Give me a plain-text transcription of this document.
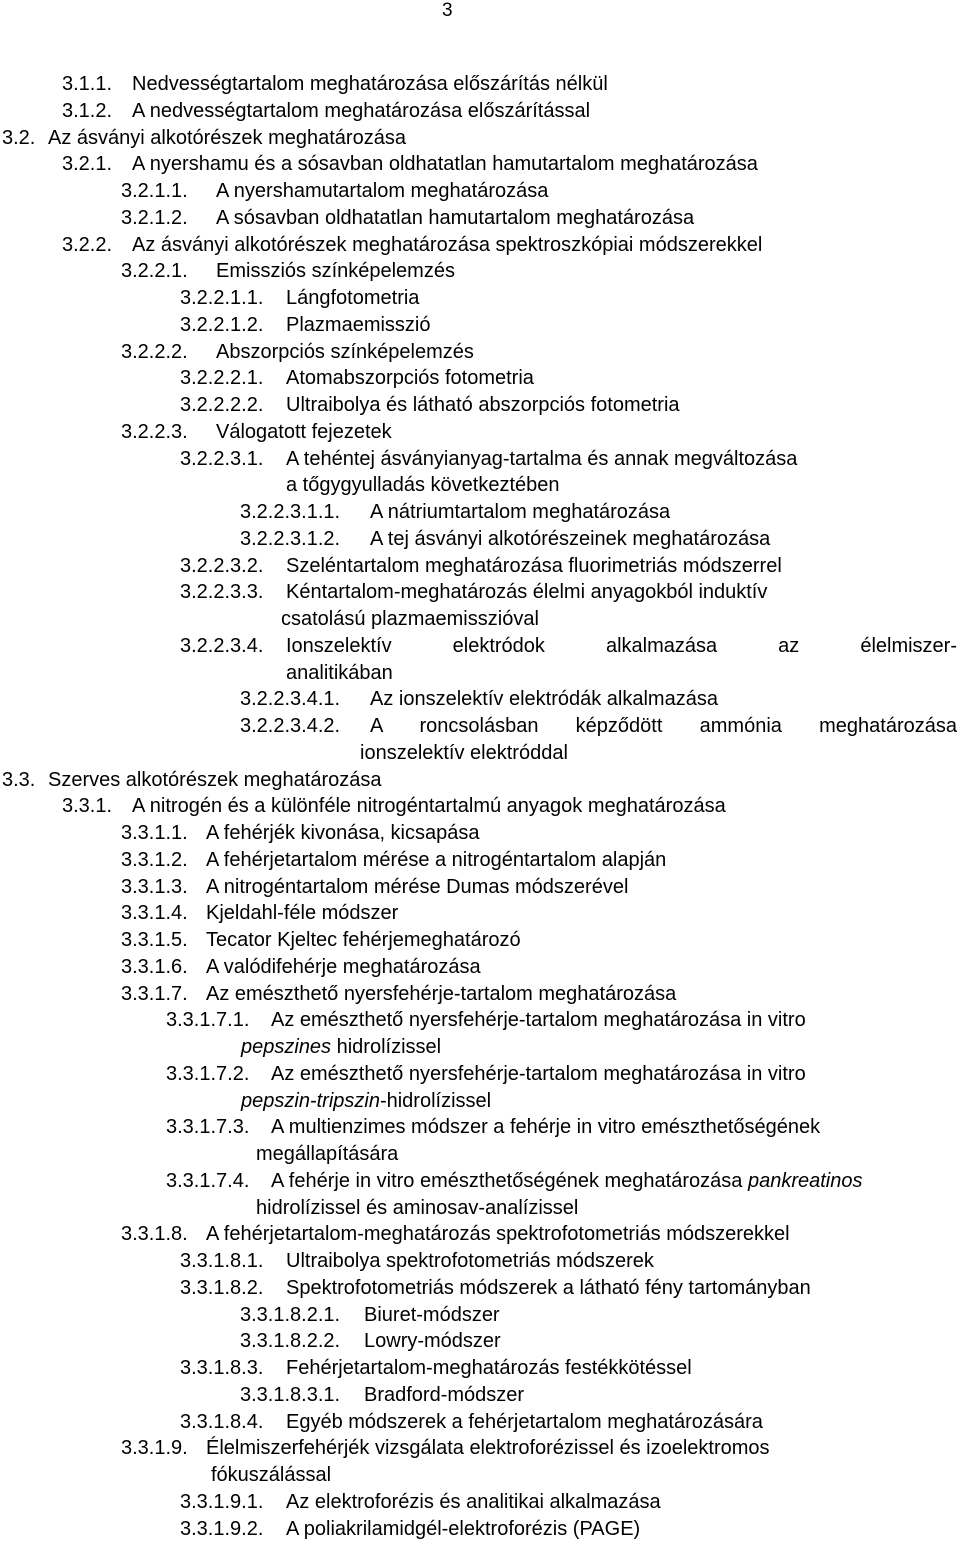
3
3.1.1. Nedvességtartalom meghatározása előszárítás nélkül
3.1.2. A nedvességtartalom meghatározása előszárítással
3.2. Az ásványi alkotórészek meghatározása
3.2.1. A nyershamu és a sósavban oldhatatlan hamutartalom meghatározása
3.2.1.1. A nyershamutartalom meghatározása
3.2.1.2. A sósavban oldhatatlan hamutartalom meghatározása
3.2.2. Az ásványi alkotórészek meghatározása spektroszkópiai módszerekkel
3.2.2.1. Emissziós színképelemzés
3.2.2.1.1. Lángfotometria
3.2.2.1.2. Plazmaemisszió
3.2.2.2. Abszorpciós színképelemzés
3.2.2.2.1. Atomabszorpciós fotometria
3.2.2.2.2. Ultraibolya és látható abszorpciós fotometria
3.2.2.3. Válogatott fejezetek
3.2.2.3.1. A tehéntej ásványianyag-tartalma és annak megváltozása
a tőgygyulladás következtében
3.2.2.3.1.1. A nátriumtartalom meghatározása
3.2.2.3.1.2. A tej ásványi alkotórészeinek meghatározása
3.2.2.3.2. Szeléntartalom meghatározása fluorimetriás módszerrel
3.2.2.3.3. Kéntartalom-meghatározás élelmi anyagokból induktív
csatolású plazmaemisszióval
3.2.2.3.4. Ionszelektív elektródok alkalmazása az élelmiszer-
analitikában
3.2.2.3.4.1. Az ionszelektív elektródák alkalmazása
3.2.2.3.4.2. A roncsolásban képződött ammónia meghatározása
ionszelektív elektróddal
3.3. Szerves alkotórészek meghatározása
3.3.1. A nitrogén és a különféle nitrogéntartalmú anyagok meghatározása
3.3.1.1. A fehérjék kivonása, kicsapása
3.3.1.2. A fehérjetartalom mérése a nitrogéntartalom alapján
3.3.1.3. A nitrogéntartalom mérése Dumas módszerével
3.3.1.4. Kjeldahl-féle módszer
3.3.1.5. Tecator Kjeltec fehérjemeghatározó
3.3.1.6. A valódifehérje meghatározása
3.3.1.7. Az emészthető nyersfehérje-tartalom meghatározása
3.3.1.7.1. Az emészthető nyersfehérje-tartalom meghatározása in vitro
pepszines hidrolízissel
3.3.1.7.2. Az emészthető nyersfehérje-tartalom meghatározása in vitro
pepszin-tripszin-hidrolízissel
3.3.1.7.3. A multienzimes módszer a fehérje in vitro emészthetőségének
megállapítására
3.3.1.7.4. A fehérje in vitro emészthetőségének meghatározása pankreatinos
hidrolízissel és aminosav-analízissel
3.3.1.8. A fehérjetartalom-meghatározás spektrofotometriás módszerekkel
3.3.1.8.1. Ultraibolya spektrofotometriás módszerek
3.3.1.8.2. Spektrofotometriás módszerek a látható fény tartományban
3.3.1.8.2.1. Biuret-módszer
3.3.1.8.2.2. Lowry-módszer
3.3.1.8.3. Fehérjetartalom-meghatározás festékkötéssel
3.3.1.8.3.1. Bradford-módszer
3.3.1.8.4. Egyéb módszerek a fehérjetartalom meghatározására
3.3.1.9. Élelmiszerfehérjék vizsgálata elektroforézissel és izoelektromos
fókuszálással
3.3.1.9.1. Az elektroforézis és analitikai alkalmazása
3.3.1.9.2. A poliakrilamidgél-elektroforézis (PAGE)
